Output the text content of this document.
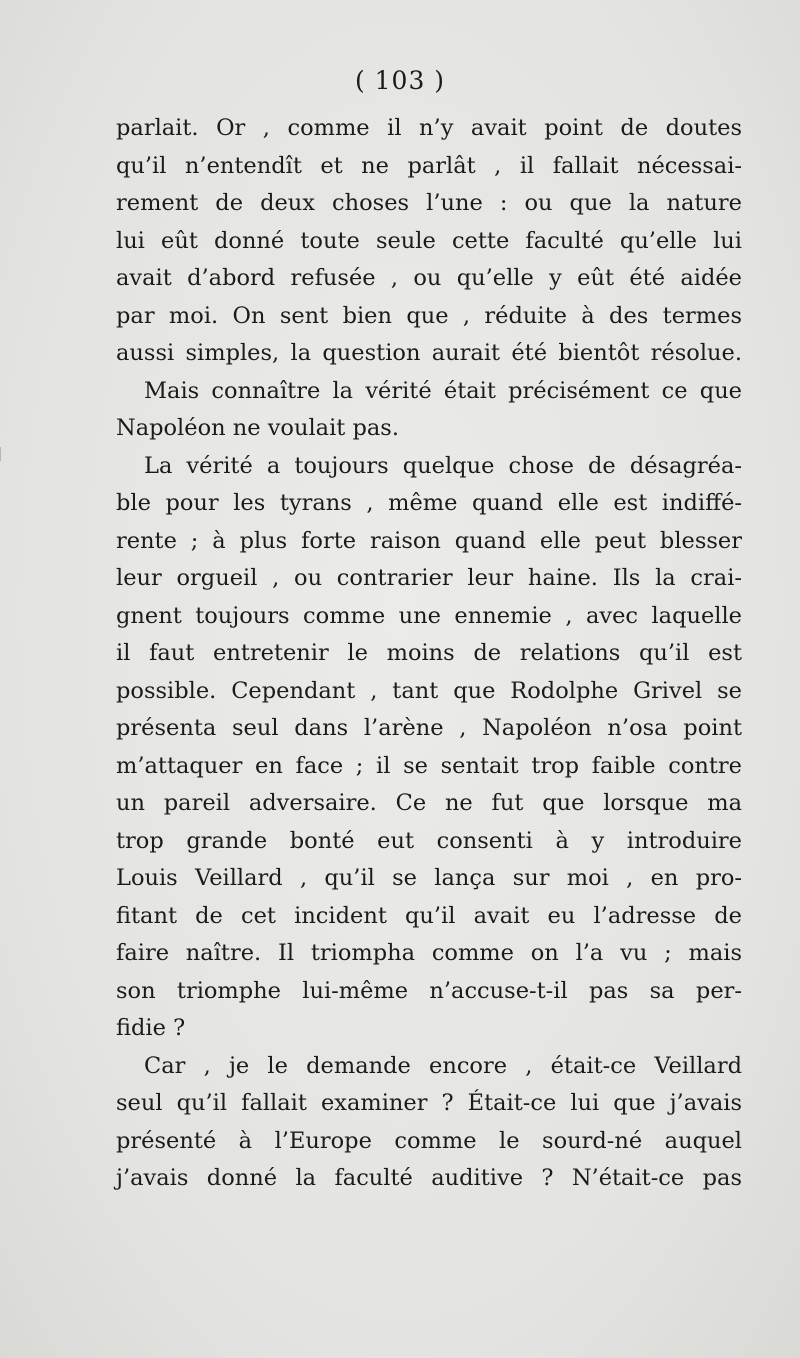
( 103 )
parlait. Or , comme il n’y avait point de doutes
qu’il n’entendît et ne parlât , il fallait nécessai-
rement de deux choses l’une : ou que la nature
lui eût donné toute seule cette faculté qu’elle lui
avait d’abord refusée , ou qu’elle y eût été aidée
par moi. On sent bien que , réduite à des termes
aussi simples, la question aurait été bientôt résolue.
Mais connaître la vérité était précisément ce que
Napoléon ne voulait pas.
La vérité a toujours quelque chose de désagréa-
ble pour les tyrans , même quand elle est indiffé-
rente ; à plus forte raison quand elle peut blesser
leur orgueil , ou contrarier leur haine. Ils la crai-
gnent toujours comme une ennemie , avec laquelle
il faut entretenir le moins de relations qu’il est
possible. Cependant , tant que Rodolphe Grivel se
présenta seul dans l’arène , Napoléon n’osa point
m’attaquer en face ; il se sentait trop faible contre
un pareil adversaire. Ce ne fut que lorsque ma
trop grande bonté eut consenti à y introduire
Louis Veillard , qu’il se lança sur moi , en pro-
fitant de cet incident qu’il avait eu l’adresse de
faire naître. Il triompha comme on l’a vu ; mais
son triomphe lui-même n’accuse-t-il pas sa per-
fidie ?
Car , je le demande encore , était-ce Veillard
seul qu’il fallait examiner ? Était-ce lui que j’avais
présenté à l’Europe comme le sourd-né auquel
j’avais donné la faculté auditive ? N’était-ce pas
